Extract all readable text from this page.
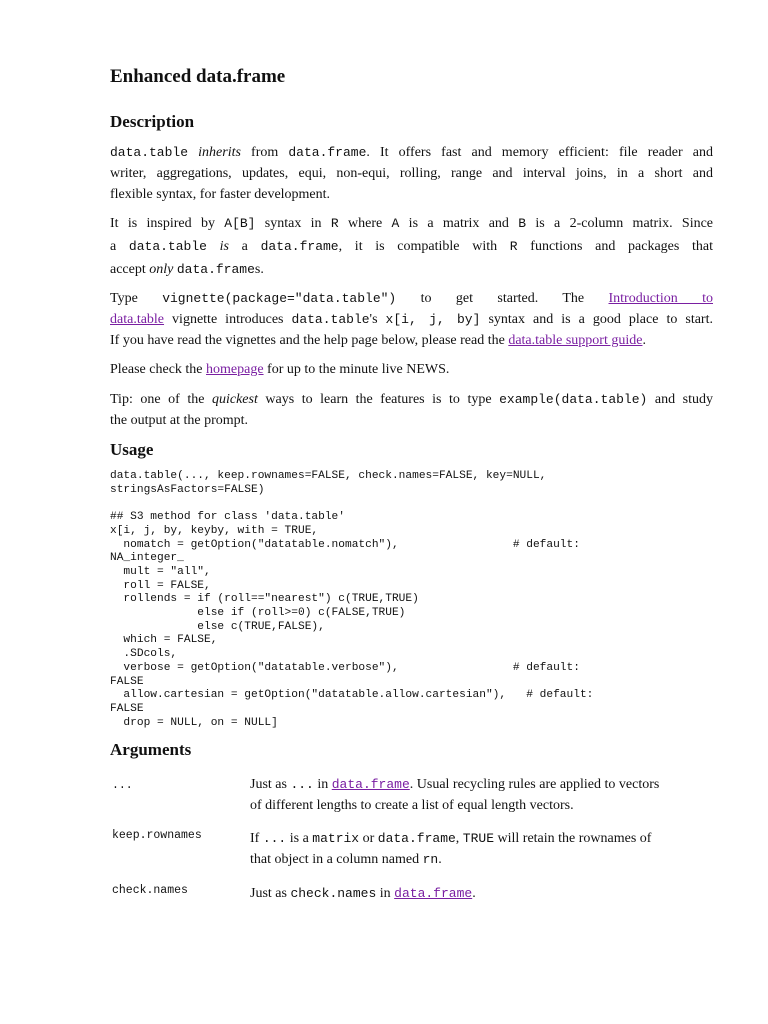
Enhanced data.frame
Description
data.table inherits from data.frame. It offers fast and memory efficient: file reader and
writer, aggregations, updates, equi, non-equi, rolling, range and interval joins, in a short and
flexible syntax, for faster development.
It is inspired by A[B] syntax in R where A is a matrix and B is a 2-column matrix. Since
a data.table is a data.frame, it is compatible with R functions and packages that
accept only data.frames.
Type vignette(package="data.table") to get started. The Introduction to
data.table vignette introduces data.table's x[i, j, by] syntax and is a good place to start.
If you have read the vignettes and the help page below, please read the data.table support guide.
Please check the homepage for up to the minute live NEWS.
Tip: one of the quickest ways to learn the features is to type example(data.table) and study
the output at the prompt.
Usage
data.table(..., keep.rownames=FALSE, check.names=FALSE, key=NULL,
stringsAsFactors=FALSE)

## S3 method for class 'data.table'
x[i, j, by, keyby, with = TRUE,
nomatch = getOption("datatable.nomatch"),                 # default:
NA_integer_
mult = "all",
roll = FALSE,
rollends = if (roll=="nearest") c(TRUE,TRUE)
else if (roll>=0) c(FALSE,TRUE)
else c(TRUE,FALSE),
which = FALSE,
.SDcols,
verbose = getOption("datatable.verbose"),                 # default:
FALSE
allow.cartesian = getOption("datatable.allow.cartesian"),   # default:
FALSE
drop = NULL, on = NULL]
Arguments
...	Just as ... in data.frame. Usual recycling rules are applied to vectors
of different lengths to create a list of equal length vectors.
keep.rownames	If ... is a matrix or data.frame, TRUE will retain the rownames of
that object in a column named rn.
check.names	Just as check.names in data.frame.
